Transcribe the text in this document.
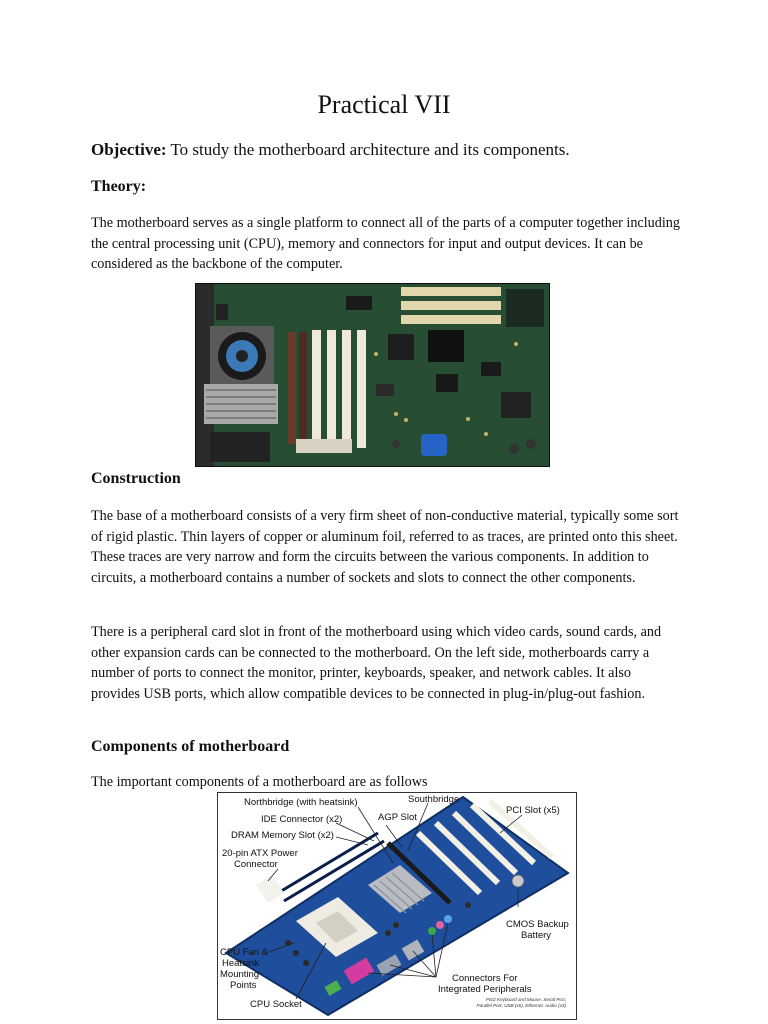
Practical VII

Objective: To study the motherboard architecture and its components.

Theory:

The motherboard serves as a single platform to connect all of the parts of a computer together including the central processing unit (CPU), memory and connectors for input and output devices. It can be considered as the backbone of the computer.

Construction

The base of a motherboard consists of a very firm sheet of non-conductive material, typically some sort of rigid plastic. Thin layers of copper or aluminum foil, referred to as traces, are printed onto this sheet. These traces are very narrow and form the circuits between the various components. In addition to circuits, a motherboard contains a number of sockets and slots to connect the other components.

There is a peripheral card slot in front of the motherboard using which video cards, sound cards, and other expansion cards can be connected to the motherboard. On the left side, motherboards carry a number of ports to connect the monitor, printer, keyboards, speaker, and network cables. It also provides USB ports, which allow compatible devices to be connected in plug-in/plug-out fashion.

Components of motherboard

The important components of a motherboard are as follows

Northbridge (with heatsink)	Southbridge
PCI Slot (x5)
IDE Connector (x2)	AGP Slot
DRAM Memory Slot (x2)
20-pin ATX Power
Connector
CMOS Backup
Battery
CPU Fan &
Heatsink
Mounting
Points
CPU Socket
Connectors For
Integrated Peripherals
PS/2 Keyboard and Mouse, Serial Port,
Parallel Port, USB (x6), Ethernet, Audio (x3)
